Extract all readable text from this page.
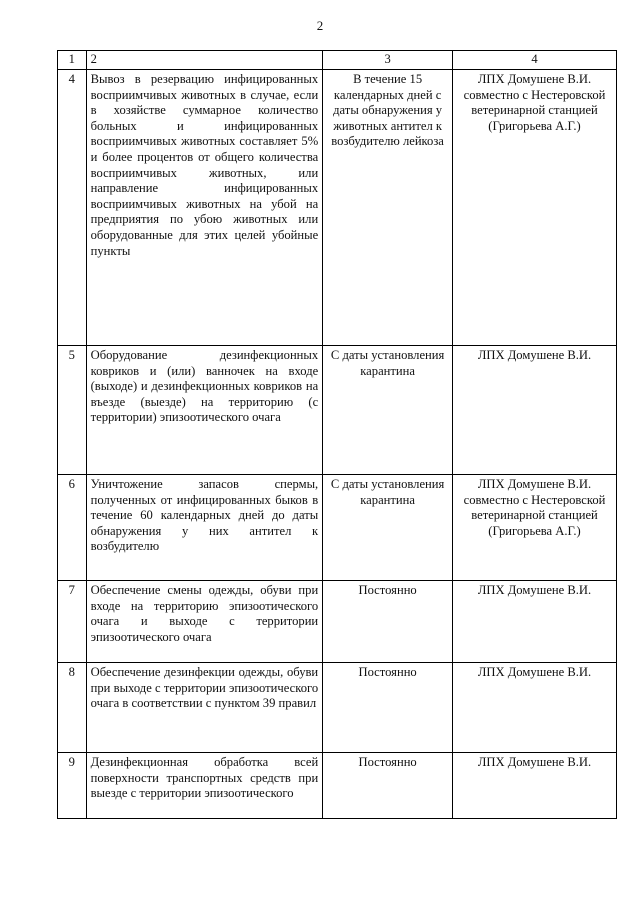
2
1	2	3	4
4	Вывоз в резервацию инфицированных восприимчивых животных в случае, если в хозяйстве суммарное количество больных и инфицированных восприимчивых животных составляет 5% и более процентов от общего количества восприимчивых животных, или направление инфицированных восприимчивых животных на убой на предприятия по убою животных или оборудованные для этих целей убойные пункты	В течение 15 календарных дней с даты обнаружения у животных антител к возбудителю лейкоза	ЛПХ Домушене В.И. совместно с Нестеровской ветеринарной станцией (Григорьева А.Г.)
5	Оборудование дезинфекционных ковриков и (или) ванночек на входе (выходе) и дезинфекционных ковриков на въезде (выезде) на территорию (с территории) эпизоотического очага	С даты установления карантина	ЛПХ Домушене В.И.
6	Уничтожение запасов спермы, полученных от инфицированных быков в течение 60 календарных дней до даты обнаружения у них антител к возбудителю	С даты установления карантина	ЛПХ Домушене В.И. совместно с Нестеровской ветеринарной станцией (Григорьева А.Г.)
7	Обеспечение смены одежды, обуви при входе на территорию эпизоотического очага и выходе с территории эпизоотического очага	Постоянно	ЛПХ Домушене В.И.
8	Обеспечение дезинфекции одежды, обуви при выходе с территории эпизоотического очага в соответствии с пунктом 39 правил	Постоянно	ЛПХ Домушене В.И.
9	Дезинфекционная обработка всей поверхности транспортных средств при выезде с территории эпизоотического	Постоянно	ЛПХ Домушене В.И.
